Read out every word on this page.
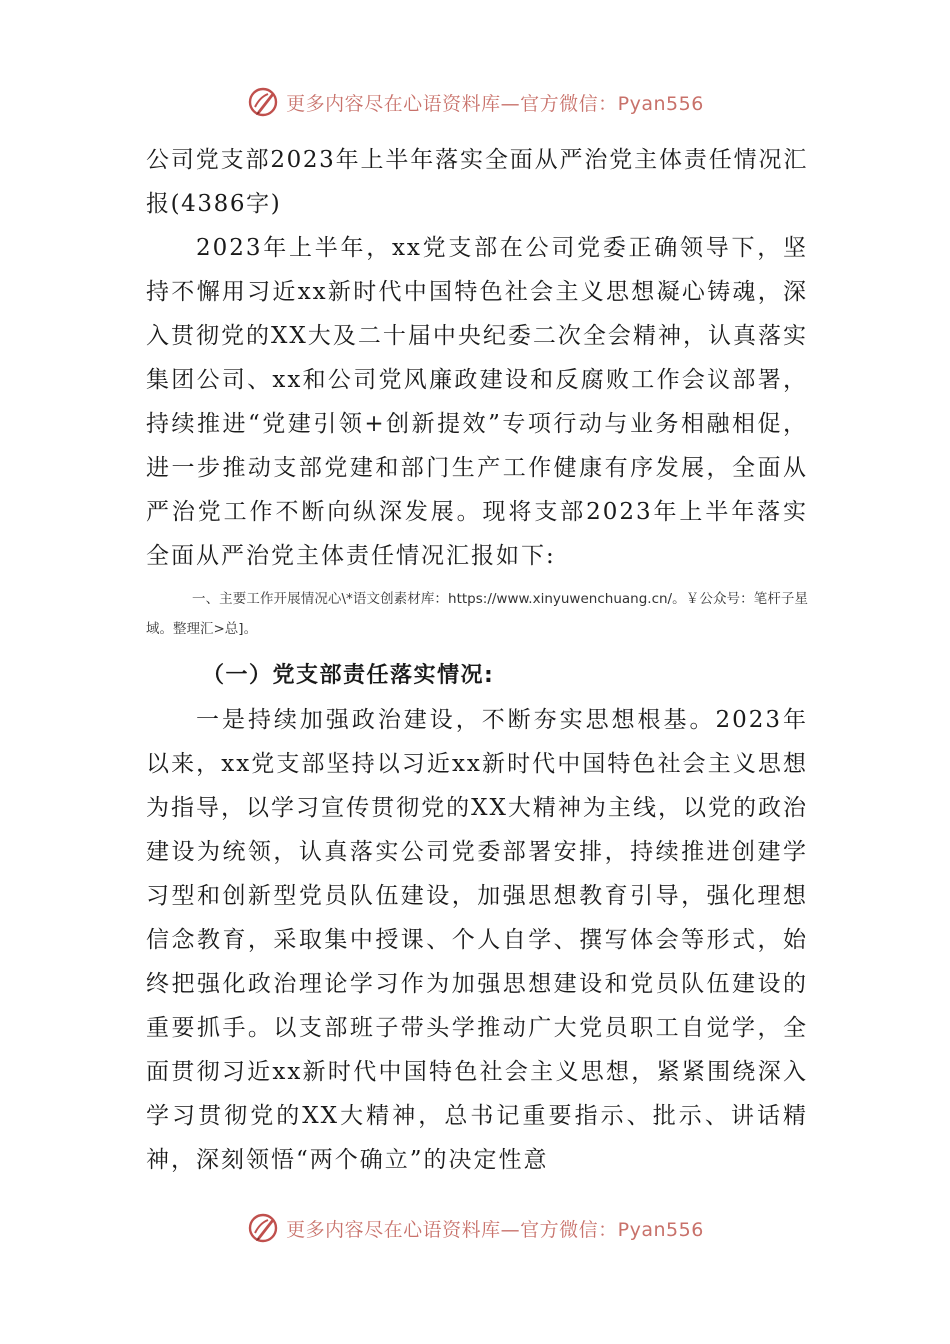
更多内容尽在心语资料库—官方微信：Pyan556

公司党支部2023年上半年落实全面从严治党主体责任情况汇报(4386字)

2023年上半年，xx党支部在公司党委正确领导下，坚持不懈用习近xx新时代中国特色社会主义思想凝心铸魂，深入贯彻党的XX大及二十届中央纪委二次全会精神，认真落实集团公司、xx和公司党风廉政建设和反腐败工作会议部署，持续推进“党建引领+创新提效”专项行动与业务相融相促，进一步推动支部党建和部门生产工作健康有序发展，全面从严治党工作不断向纵深发展。现将支部2023年上半年落实全面从严治党主体责任情况汇报如下:

一、主要工作开展情况心\*语文创素材库：https://www.xinyuwenchuang.cn/。￥公众号：笔杆子星域。整理汇>总]。

（一）党支部责任落实情况:

一是持续加强政治建设，不断夯实思想根基。2023年以来，xx党支部坚持以习近xx新时代中国特色社会主义思想为指导，以学习宣传贯彻党的XX大精神为主线，以党的政治建设为统领，认真落实公司党委部署安排，持续推进创建学习型和创新型党员队伍建设，加强思想教育引导，强化理想信念教育，采取集中授课、个人自学、撰写体会等形式，始终把强化政治理论学习作为加强思想建设和党员队伍建设的重要抓手。以支部班子带头学推动广大党员职工自觉学，全面贯彻习近xx新时代中国特色社会主义思想，紧紧围绕深入学习贯彻党的XX大精神，总书记重要指示、批示、讲话精神，深刻领悟“两个确立”的决定性意

更多内容尽在心语资料库—官方微信：Pyan556
